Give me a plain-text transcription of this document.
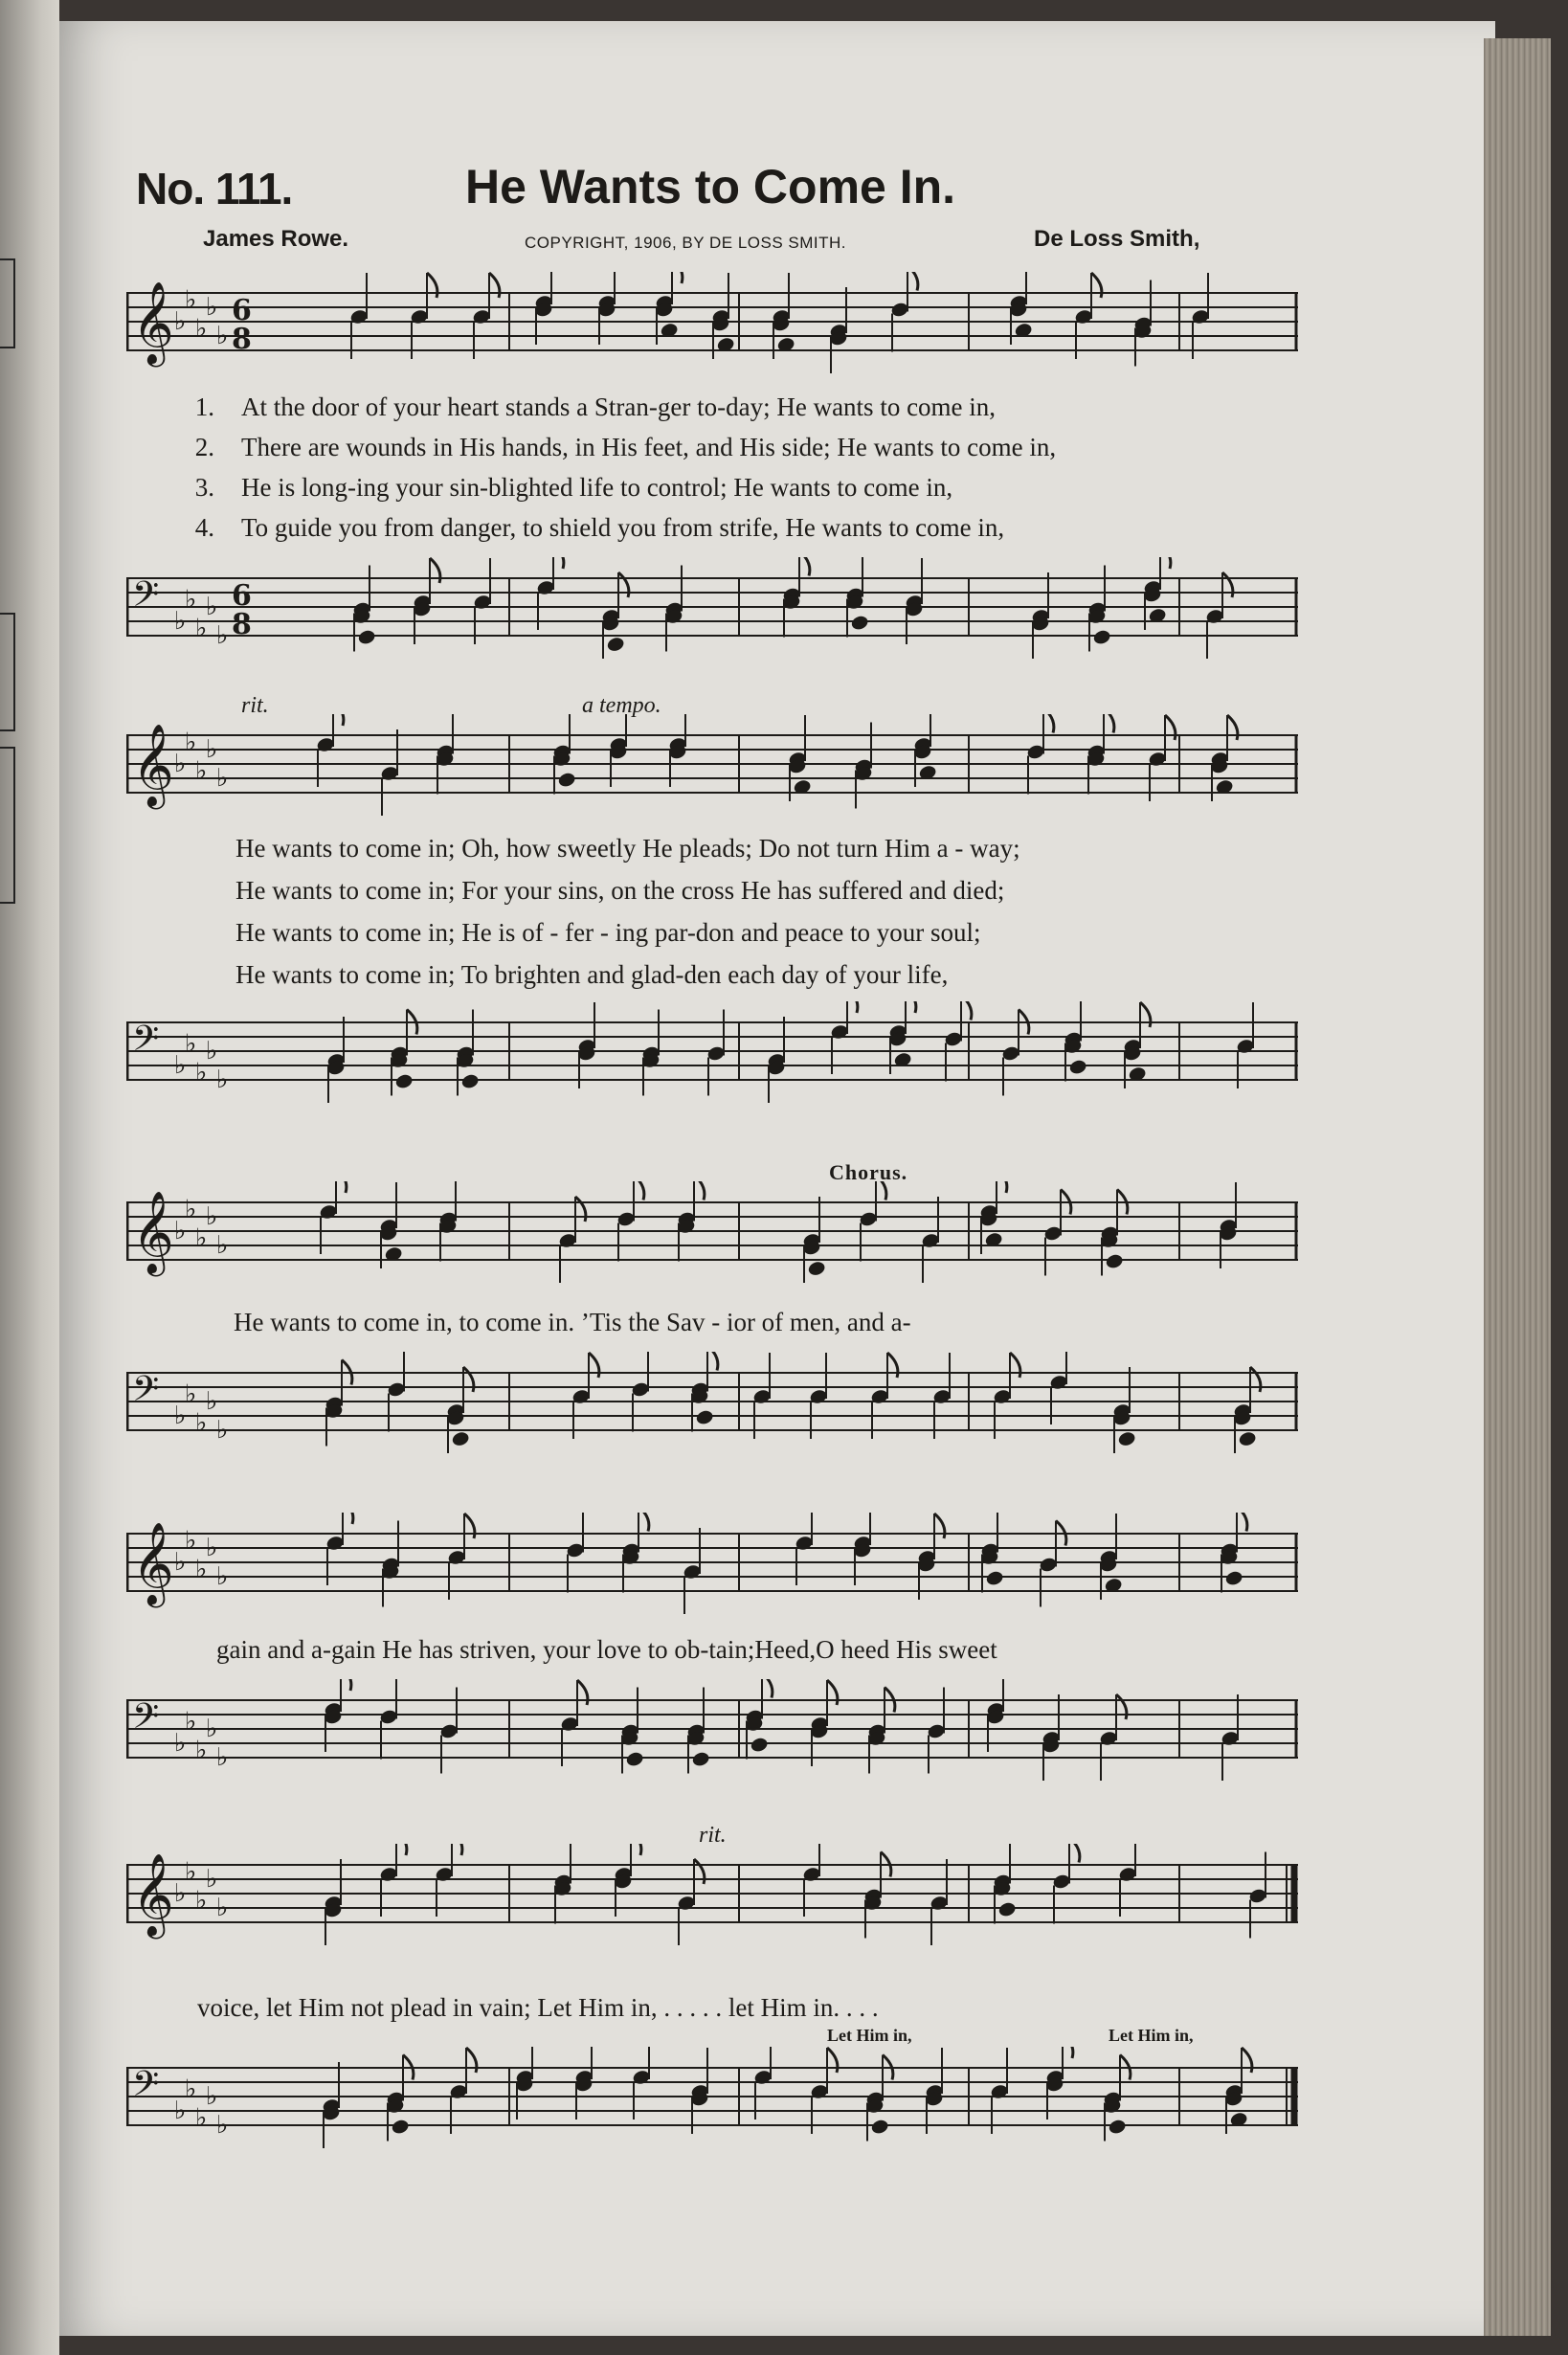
No. 111.	He Wants to Come In.
James Rowe.	COPYRIGHT, 1906, BY DE LOSS SMITH.	De Loss Smith,
𝄞 ♭
♭
♭
♭
♭
6
8
1. At the door of your heart stands a Stran-ger to-day; He wants to come in,
2. There are wounds in His hands, in His feet, and His side; He wants to come in,
3. He is long-ing your sin-blighted life to control; He wants to come in,
4. To guide you from danger, to shield you from strife, He wants to come in,
𝄢 ♭
♭
♭
♭
♭
6
8
rit.	a tempo.
𝄞 ♭
♭
♭
♭
♭
He wants to come in; Oh, how sweetly He pleads; Do not turn Him a - way;
He wants to come in; For your sins, on the cross He has suffered and died;
He wants to come in; He is of - fer - ing par-don and peace to your soul;
He wants to come in; To brighten and glad-den each day of your life,
𝄢 ♭
♭
♭
♭
♭
Chorus.
𝄞 ♭
♭
♭
♭
♭
He wants to come in, to come in. ’Tis the Sav - ior of men, and a-
𝄢 ♭
♭
♭
♭
♭
𝄞 ♭
♭
♭
♭
♭
gain and a-gain He has striven, your love to ob-tain;Heed,O heed His sweet
𝄢 ♭
♭
♭
♭
♭
rit.
𝄞 ♭
♭
♭
♭
♭
voice, let Him not plead in vain; Let Him in, . . . . . let Him in. . . .
Let Him in,	Let Him in,
𝄢 ♭
♭
♭
♭
♭
